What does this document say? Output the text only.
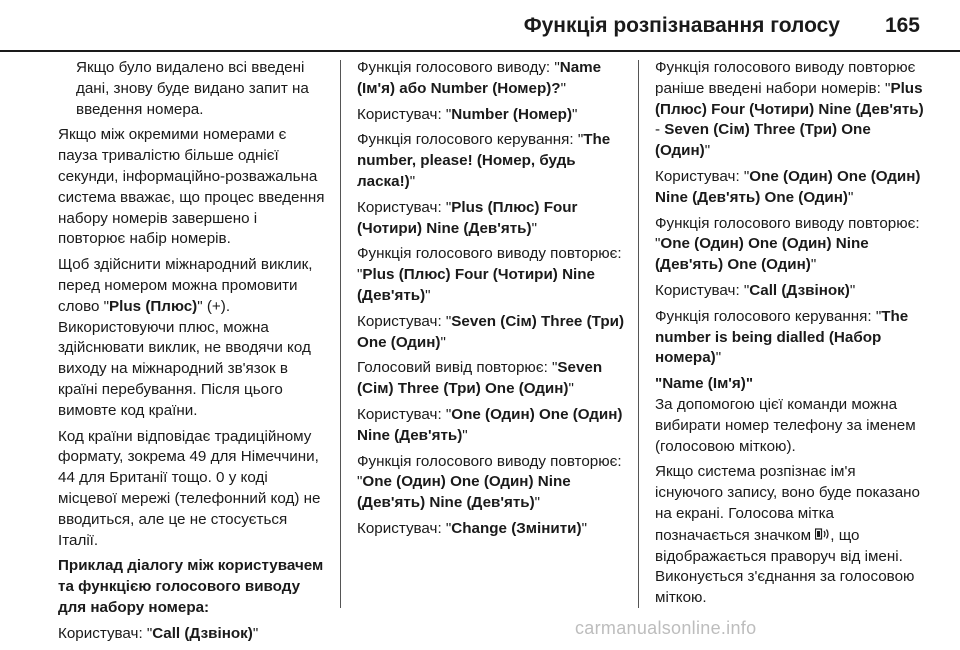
Функція розпізнавання голосу 165

Якщо було видалено всі введені дані, знову буде видано запит на введення номера.

Якщо між окремими номерами є пауза тривалістю більше однієї секунди, інформаційно-розважальна система вважає, що процес введення набору номерів завершено і повторює набір номерів.

Щоб здійснити міжнародний виклик, перед номером можна промовити слово "Plus (Плюс)" (+). Використовуючи плюс, можна здійснювати виклик, не вводячи код виходу на міжнародний зв'язок в країні перебування. Після цього вимовте код країни.

Код країни відповідає традиційному формату, зокрема 49 для Німеччини, 44 для Британії тощо. 0 у коді місцевої мережі (телефонний код) не вводиться, але це не стосується Італії.

Приклад діалогу між користувачем та функцією голосового виводу для набору номера:

Користувач: "Call (Дзвінок)"

Функція голосового виводу: "Name (Ім'я) або Number (Номер)?"

Користувач: "Number (Номер)"

Функція голосового керування: "The number, please! (Номер, будь ласка!)"

Користувач: "Plus (Плюс) Four (Чотири) Nine (Дев'ять)"

Функція голосового виводу повторює: "Plus (Плюс) Four (Чотири) Nine (Дев'ять)"

Користувач: "Seven (Сім) Three (Три) One (Один)"

Голосовий вивід повторює: "Seven (Сім) Three (Три) One (Один)"

Користувач: "One (Один) One (Один) Nine (Дев'ять)"

Функція голосового виводу повторює: "One (Один) One (Один) Nine (Дев'ять) Nine (Дев'ять)"

Користувач: "Change (Змінити)"

Функція голосового виводу повторює раніше введені набори номерів: "Plus (Плюс) Four (Чотири) Nine (Дев'ять) - Seven (Сім) Three (Три) One (Один)"

Користувач: "One (Один) One (Один) Nine (Дев'ять) One (Один)"

Функція голосового виводу повторює: "One (Один) One (Один) Nine (Дев'ять) One (Один)"

Користувач: "Call (Дзвінок)"

Функція голосового керування: "The number is being dialled (Набор номера)"

"Name (Ім'я)"

За допомогою цієї команди можна вибирати номер телефону за іменем (голосовою міткою).

Якщо система розпізнає ім'я існуючого запису, воно буде показано на екрані. Голосова мітка позначається значком , що відображається праворуч від імені. Виконується з'єднання за голосовою міткою.

carmanualsonline.info
